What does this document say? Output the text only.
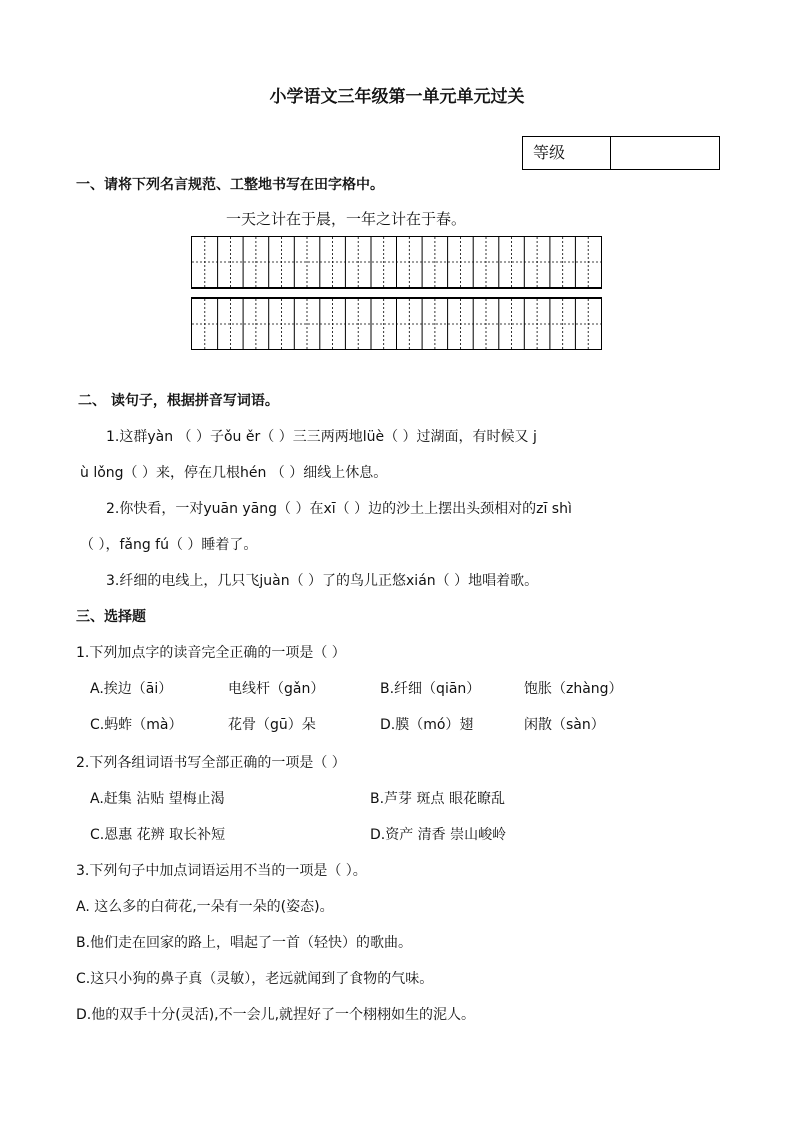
小学语文三年级第一单元单元过关
等级
一、请将下列名言规范、工整地书写在田字格中。
一天之计在于晨，一年之计在于春。
二、 读句子，根据拼音写词语。
1.这群yàn （ ）子ǒu ěr（ ）三三两两地lüè（ ）过湖面，有时候又 j
ù lǒng（ ）来，停在几根hén （ ）细线上休息。
2.你快看，一对yuān yāng（ ）在xī（ ）边的沙土上摆出头颈相对的zī shì
（ ），fǎng fú（ ）睡着了。
3.纤细的电线上，几只飞juàn（ ）了的鸟儿正悠xián（ ）地唱着歌。
三、选择题
1.下列加点字的读音完全正确的一项是（ ）
A.挨边（āi）	电线杆（gǎn）	B.纤细（qiān）	饱胀（zhàng）
C.蚂蚱（mà）	花骨（gū）朵	D.膜（mó）翅	闲散（sàn）
2.下列各组词语书写全部正确的一项是（ ）
A.赶集 沾贴 望梅止渴	B.芦芽 斑点 眼花瞭乱
C.恩惠 花辨 取长补短	D.资产 清香 崇山峻岭
3.下列句子中加点词语运用不当的一项是（ ）。
A. 这么多的白荷花,一朵有一朵的(姿态)。
B.他们走在回家的路上，唱起了一首（轻快）的歌曲。
C.这只小狗的鼻子真（灵敏），老远就闻到了食物的气味。
D.他的双手十分(灵活),不一会儿,就捏好了一个栩栩如生的泥人。
